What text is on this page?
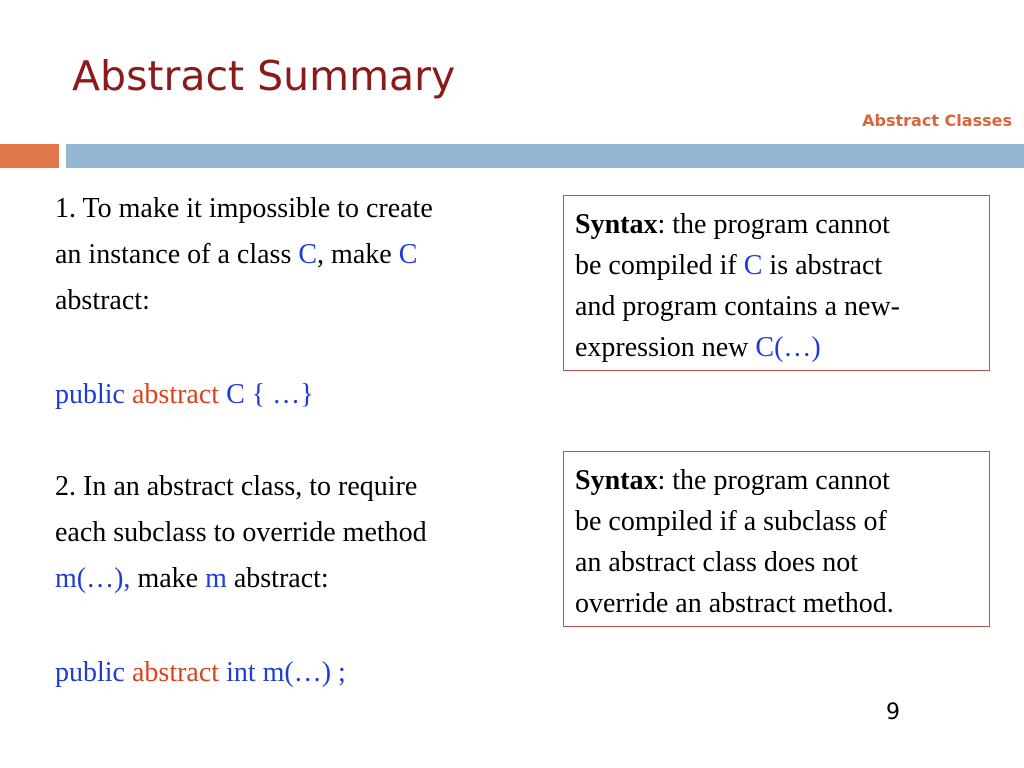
Abstract Summary
Abstract Classes

1. To make it impossible to create

an instance of a class C, make C

abstract:

public abstract C { …}

2. In an abstract class, to require

each subclass to override method

m(…), make m abstract:

public abstract int m(…) ;

Syntax: the program cannot

be compiled if C is abstract

and program contains a new-

expression new C(…)

Syntax: the program cannot

be compiled if a subclass of

an abstract class does not

override an abstract method.

9
